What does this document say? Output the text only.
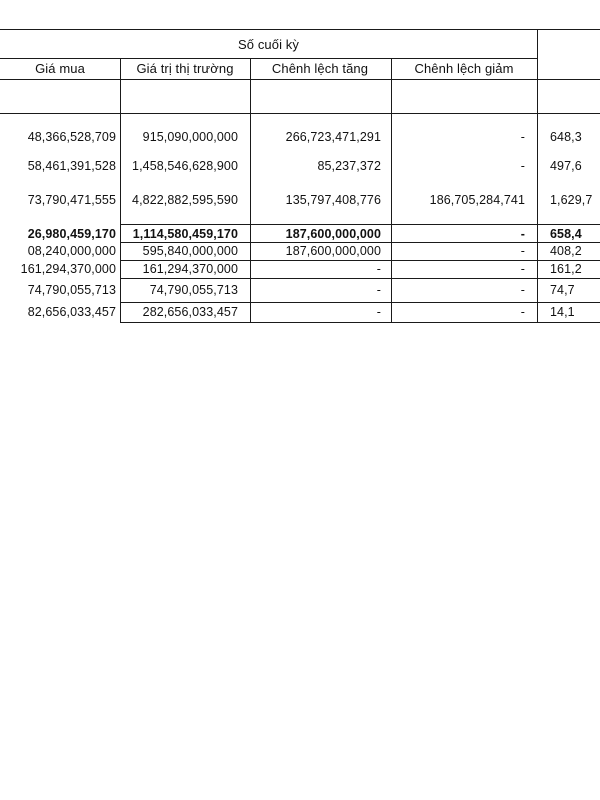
Số cuối kỳ
Giá mua	Giá trị thị trường	Chênh lệch tăng	Chênh lệch giảm
48,366,528,709	915,090,000,000	266,723,471,291	- 648,3
58,461,391,528	1,458,546,628,900	85,237,372	- 497,6
73,790,471,555	4,822,882,595,590	135,797,408,776	186,705,284,741 1,629,7
26,980,459,170	1,114,580,459,170	187,600,000,000	- 658,4
08,240,000,000	595,840,000,000	187,600,000,000	- 408,2
161,294,370,000	161,294,370,000	-	- 161,2
74,790,055,713	74,790,055,713	-	- 74,7
82,656,033,457	282,656,033,457	-	- 14,1
